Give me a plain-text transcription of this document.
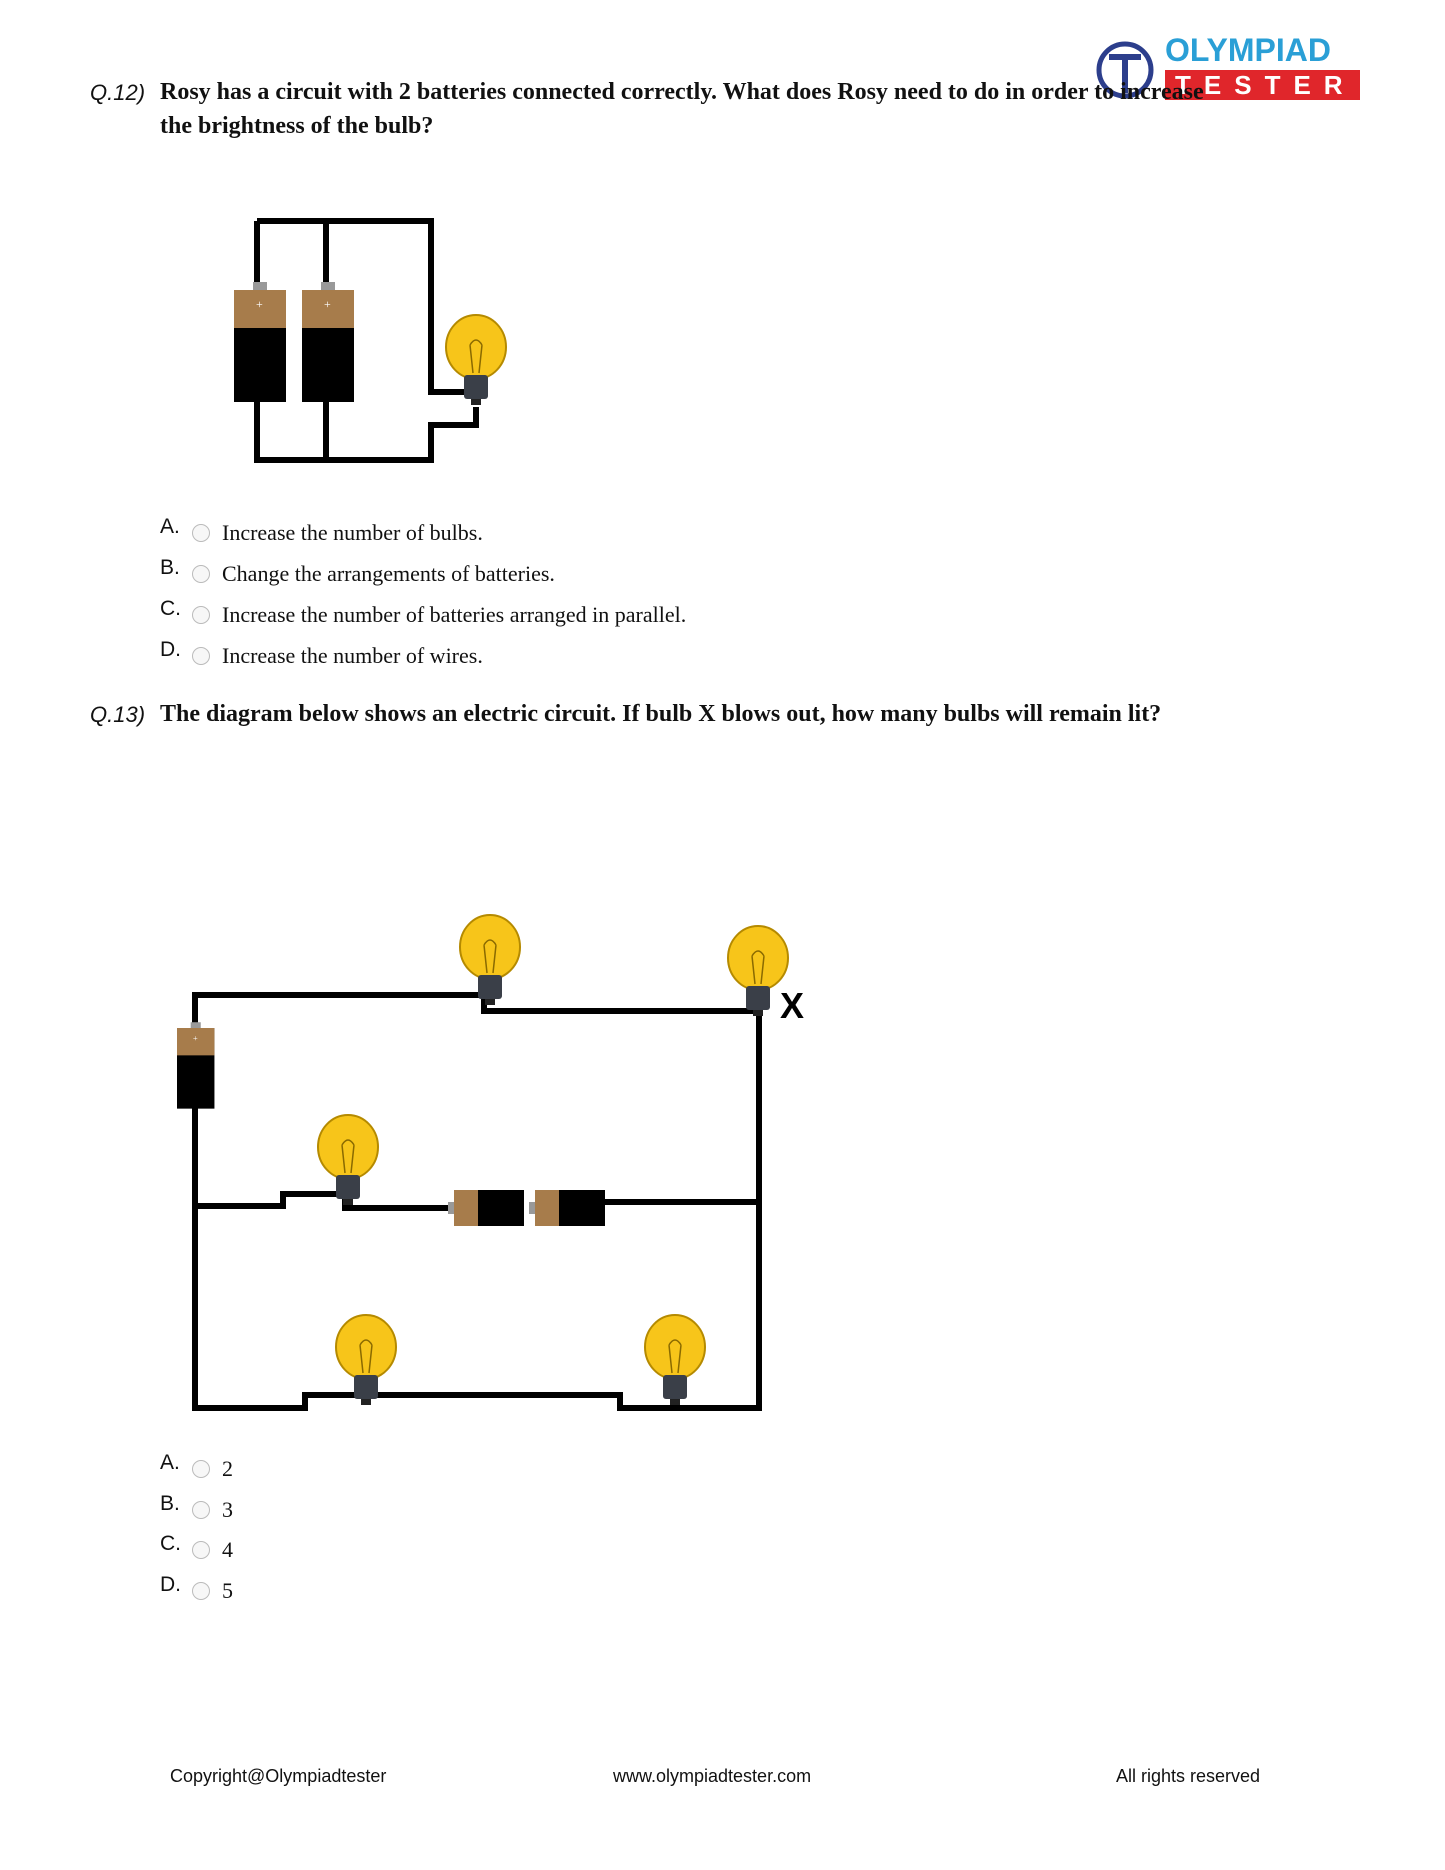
+
X
OLYMPIAD
TESTER
Q.12) Rosy has a circuit with 2 batteries connected correctly. What does Rosy need to do in order to increase the brightness of the bulb?
A.	Increase the number of bulbs.
B.	Change the arrangements of batteries.
C.	Increase the number of batteries arranged in parallel.
D.	Increase the number of wires.
Q.13) The diagram below shows an electric circuit. If bulb X blows out, how many bulbs will remain lit?
A.	2
B.	3
C.	4
D.	5
Copyright@Olympiadtester	www.olympiadtester.com	All rights reserved
